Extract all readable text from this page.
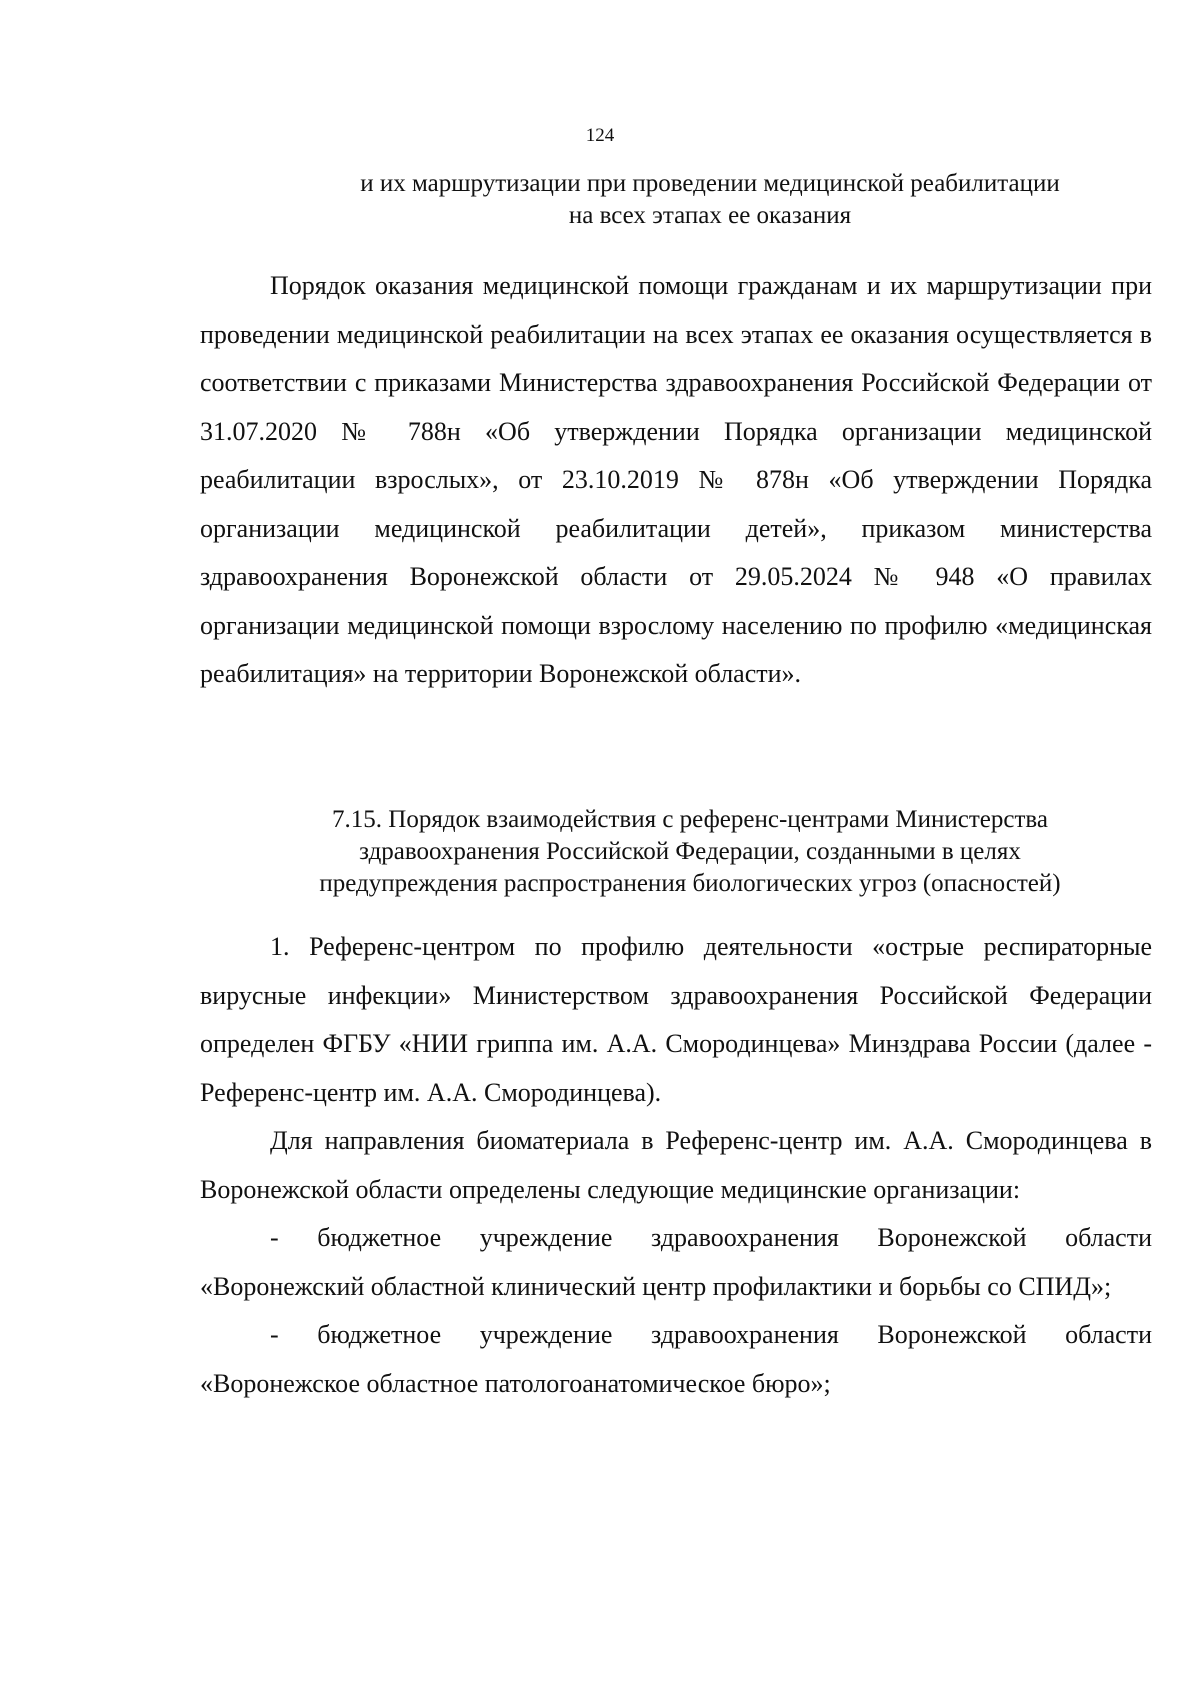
124
и их маршрутизации при проведении медицинской реабилитации
на всех этапах ее оказания

Порядок оказания медицинской помощи гражданам и их маршрутизации при проведении медицинской реабилитации на всех этапах ее оказания осуществляется в соответствии с приказами Министерства здравоохранения Российской Федерации от 31.07.2020 № 788н «Об утверждении Порядка организации медицинской реабилитации взрослых», от 23.10.2019 № 878н «Об утверждении Порядка организации медицинской реабилитации детей», приказом министерства здравоохранения Воронежской области от 29.05.2024 № 948 «О правилах организации медицинской помощи взрослому населению по профилю «медицинская реабилитация» на территории Воронежской области».

7.15. Порядок взаимодействия с референс-центрами Министерства
здравоохранения Российской Федерации, созданными в целях
предупреждения распространения биологических угроз (опасностей)

1. Референс-центром по профилю деятельности «острые респираторные вирусные инфекции» Министерством здравоохранения Российской Федерации определен ФГБУ «НИИ гриппа им. А.А. Смородинцева» Минздрава России (далее - Референс-центр им. А.А. Смородинцева).

Для направления биоматериала в Референс-центр им. А.А. Смородинцева в Воронежской области определены следующие медицинские организации:

- бюджетное учреждение здравоохранения Воронежской области «Воронежский областной клинический центр профилактики и борьбы со СПИД»;

- бюджетное учреждение здравоохранения Воронежской области «Воронежское областное патологоанатомическое бюро»;
